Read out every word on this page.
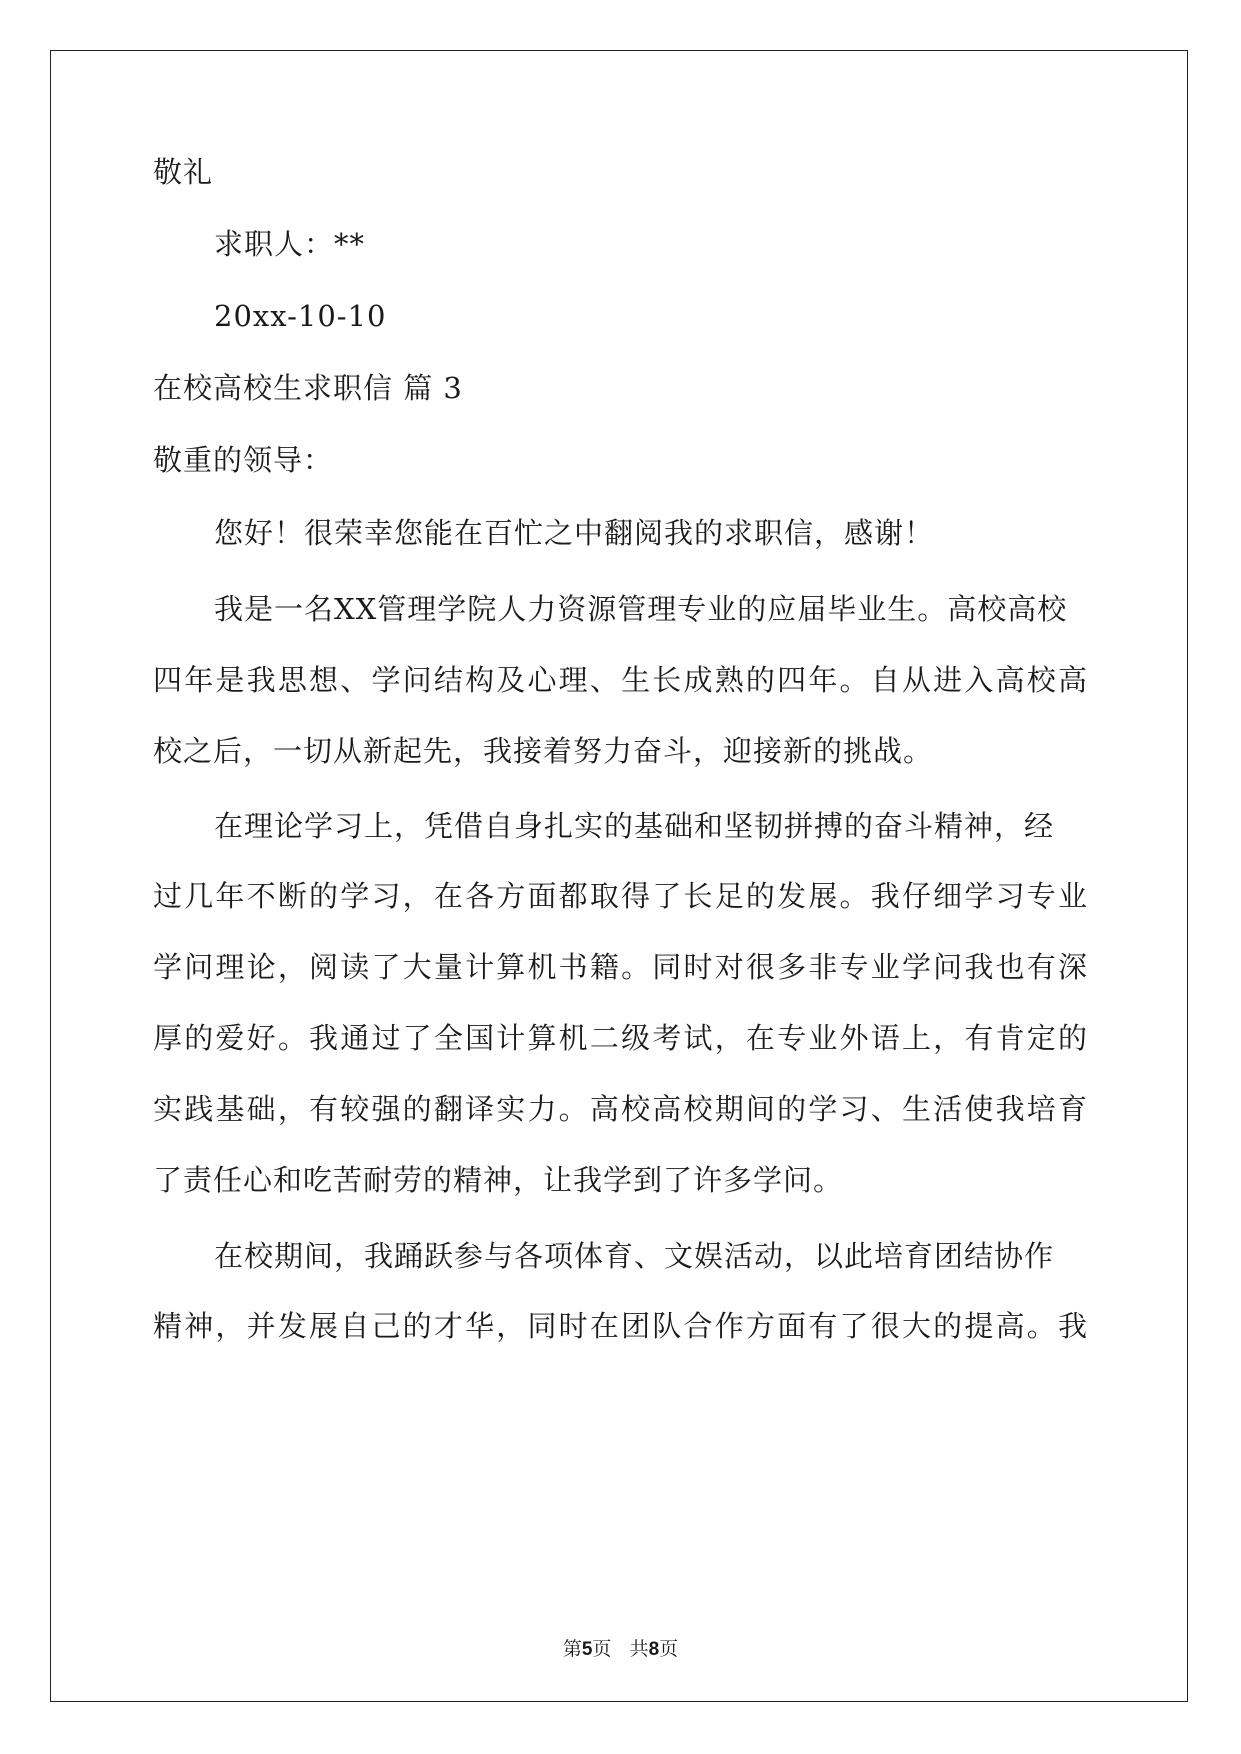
敬礼
求职人：**
20xx-10-10
在校高校生求职信 篇 3
敬重的领导：
您好！很荣幸您能在百忙之中翻阅我的求职信，感谢！
我是一名XX管理学院人力资源管理专业的应届毕业生。高校高校
四年是我思想、学问结构及心理、生长成熟的四年。自从进入高校高
校之后，一切从新起先，我接着努力奋斗，迎接新的挑战。
在理论学习上，凭借自身扎实的基础和坚韧拼搏的奋斗精神，经
过几年不断的学习，在各方面都取得了长足的发展。我仔细学习专业
学问理论，阅读了大量计算机书籍。同时对很多非专业学问我也有深
厚的爱好。我通过了全国计算机二级考试，在专业外语上，有肯定的
实践基础，有较强的翻译实力。高校高校期间的学习、生活使我培育
了责任心和吃苦耐劳的精神，让我学到了许多学问。
在校期间，我踊跃参与各项体育、文娱活动，以此培育团结协作
精神，并发展自己的才华，同时在团队合作方面有了很大的提高。我
第5页 共8页
